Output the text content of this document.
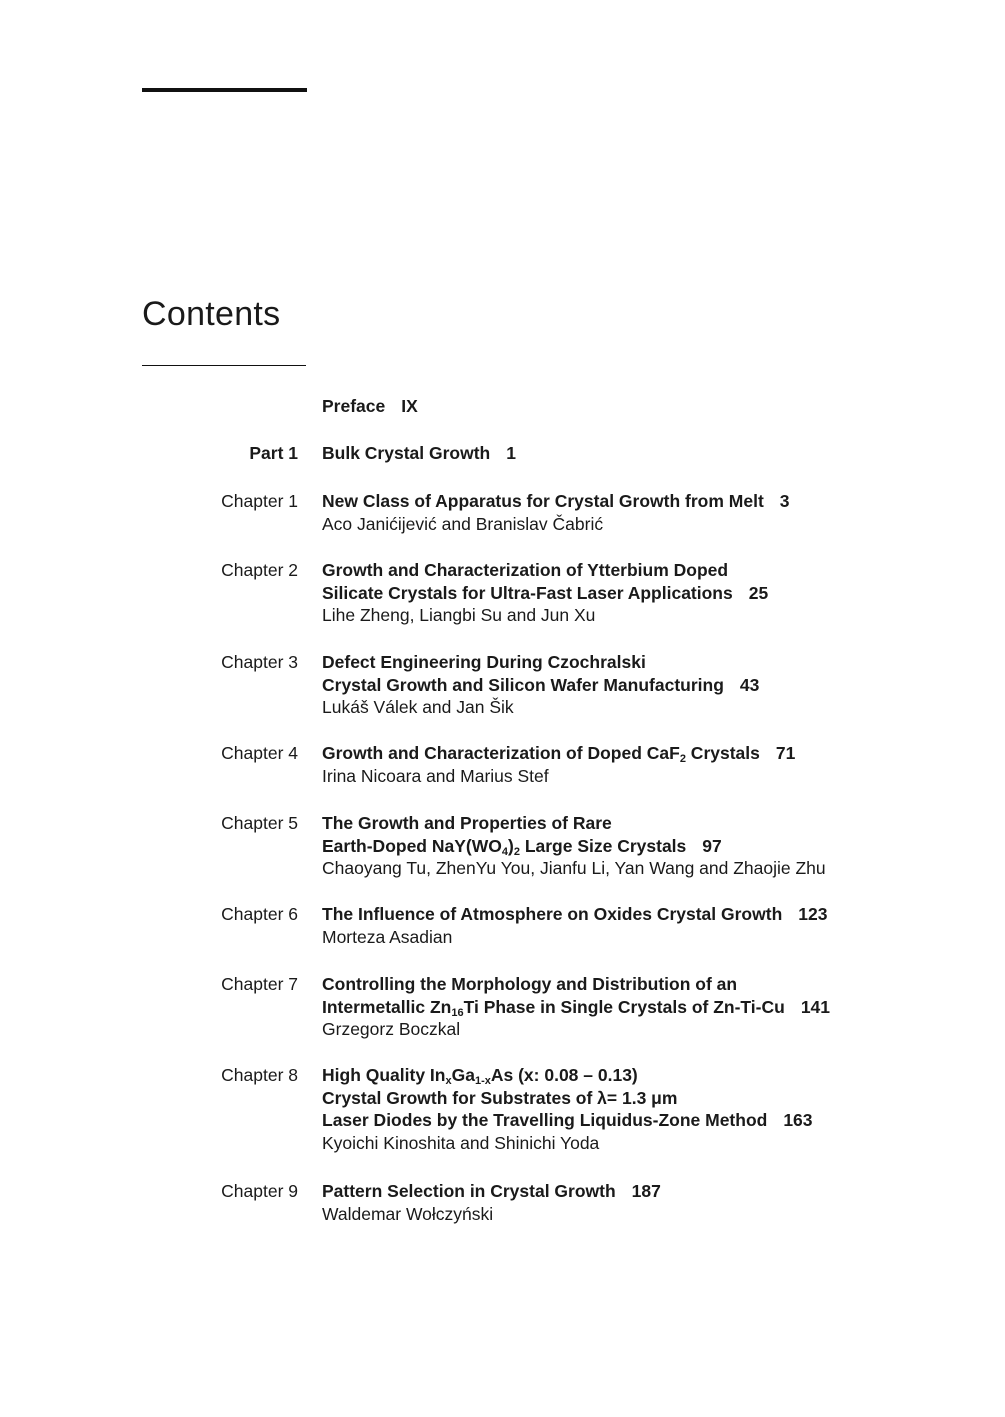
Contents
Preface IX
Part 1 Bulk Crystal Growth 1
Chapter 1 New Class of Apparatus for Crystal Growth from Melt 3
Aco Janićijević and Branislav Čabrić
Chapter 2 Growth and Characterization of Ytterbium Doped
Silicate Crystals for Ultra-Fast Laser Applications 25
Lihe Zheng, Liangbi Su and Jun Xu
Chapter 3 Defect Engineering During Czochralski
Crystal Growth and Silicon Wafer Manufacturing 43
Lukáš Válek and Jan Šik
Chapter 4 Growth and Characterization of Doped CaF$_2$ Crystals 71
Irina Nicoara and Marius Stef
Chapter 5 The Growth and Properties of Rare
Earth-Doped $NaY(WO_4)_2$ Large Size Crystals 97
Chaoyang Tu, ZhenYu You, Jianfu Li, Yan Wang and Zhaojie Zhu
Chapter 6 The Influence of Atmosphere on Oxides Crystal Growth 123
Morteza Asadian
Chapter 7 Controlling the Morphology and Distribution of an
Intermetallic $Zn_{16}Ti$ Phase in Single Crystals of Zn-Ti-Cu 141
Grzegorz Boczkal
Chapter 8 High Quality $In_xGa_{1-x}As$ (x: 0.08 – 0.13)
Crystal Growth for Substrates of λ= 1.3 μm
Laser Diodes by the Travelling Liquidus-Zone Method 163
Kyoichi Kinoshita and Shinichi Yoda
Chapter 9 Pattern Selection in Crystal Growth 187
Waldemar Wołczyński
